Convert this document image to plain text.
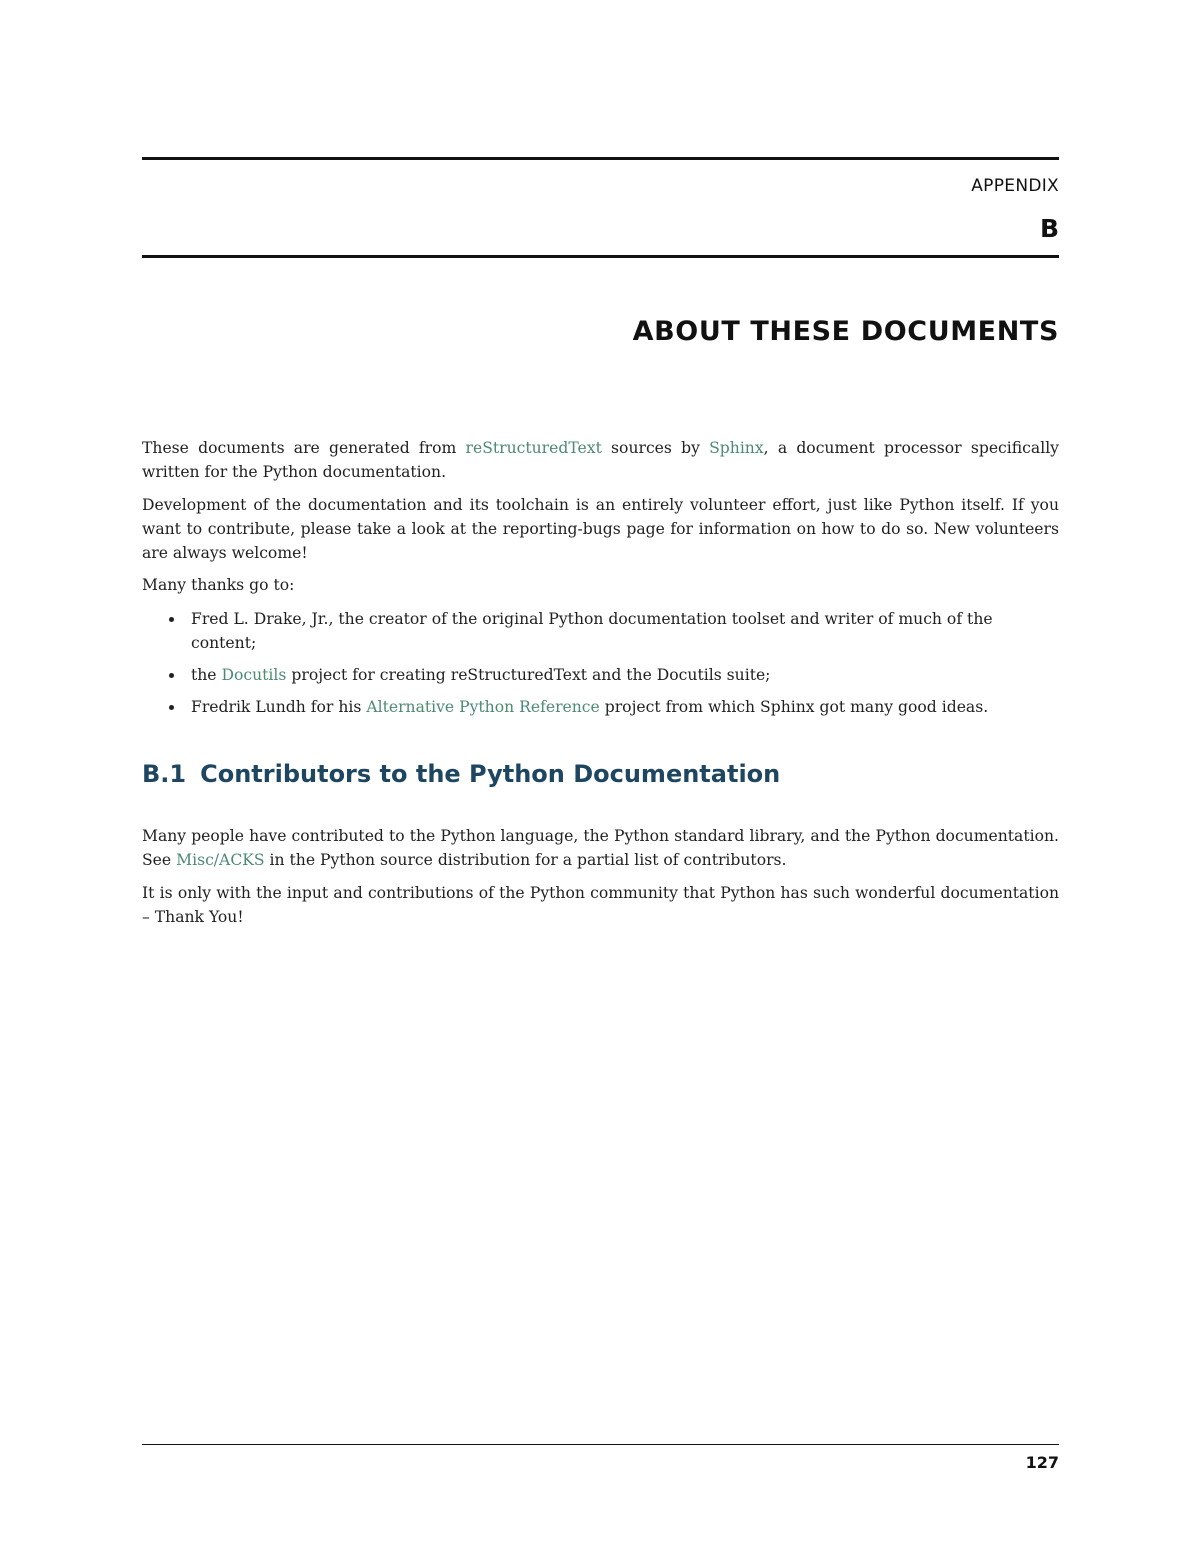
APPENDIX
B
ABOUT THESE DOCUMENTS

These documents are generated from reStructuredText sources by Sphinx, a document processor specifically written for the Python documentation.

Development of the documentation and its toolchain is an entirely volunteer effort, just like Python itself. If you want to contribute, please take a look at the reporting-bugs page for information on how to do so. New volunteers are always welcome!

Many thanks go to:

Fred L. Drake, Jr., the creator of the original Python documentation toolset and writer of much of the content;
the Docutils project for creating reStructuredText and the Docutils suite;
Fredrik Lundh for his Alternative Python Reference project from which Sphinx got many good ideas.
B.1 Contributors to the Python Documentation

Many people have contributed to the Python language, the Python standard library, and the Python documentation. See Misc/ACKS in the Python source distribution for a partial list of contributors.

It is only with the input and contributions of the Python community that Python has such wonderful documentation – Thank You!

127
